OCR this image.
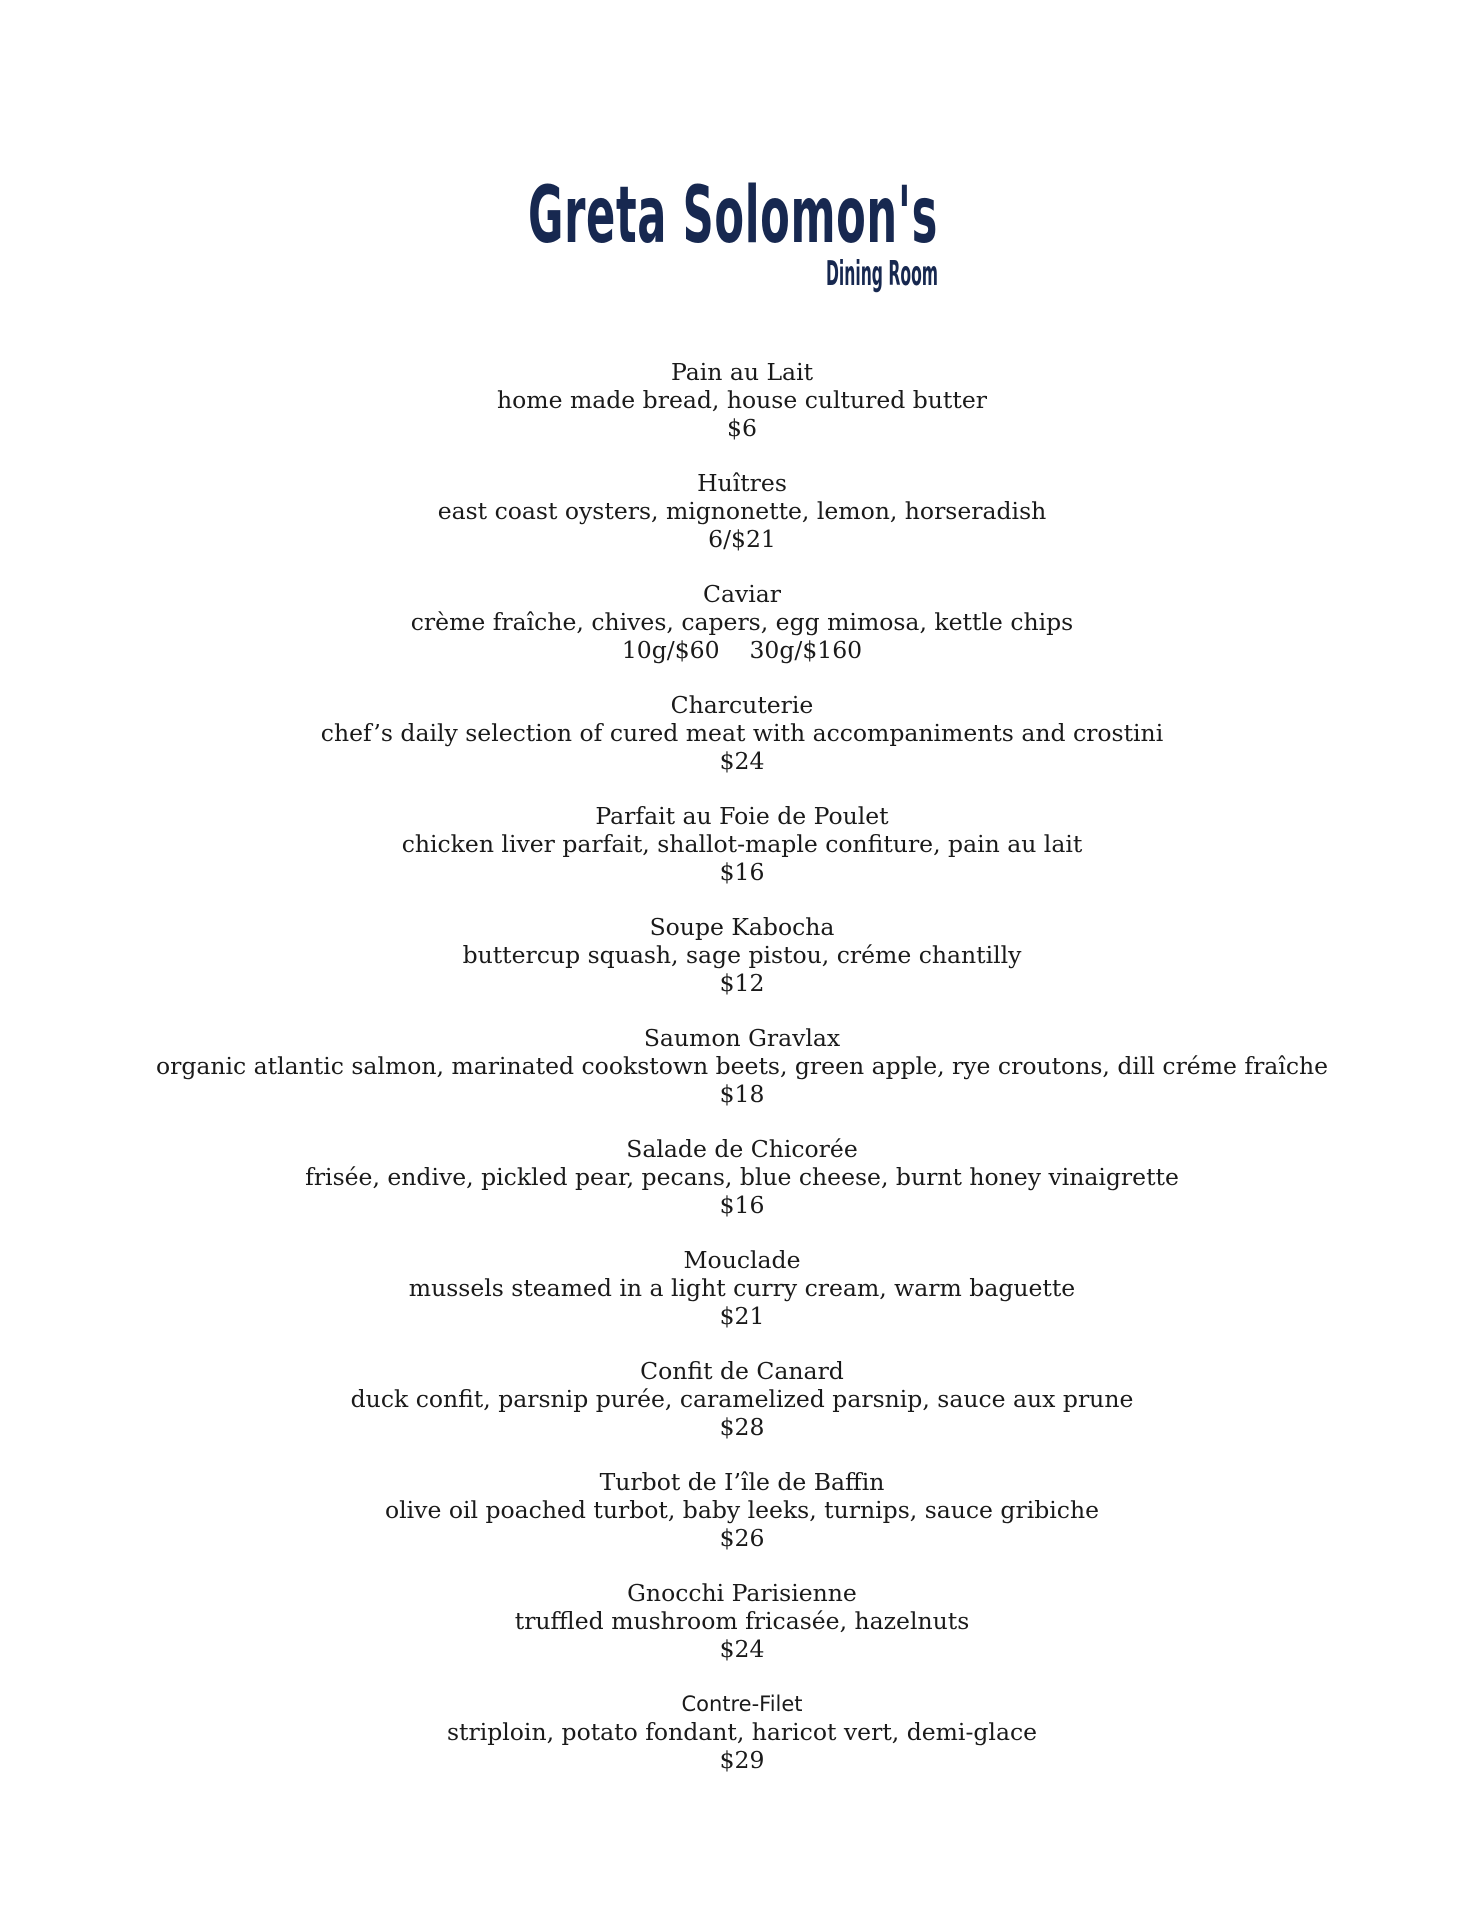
Greta Solomon's
Dining Room
Pain au Lait
home made bread, house cultured butter
$6
Huîtres
east coast oysters, mignonette, lemon, horseradish
6/$21
Caviar
crème fraîche, chives, capers, egg mimosa, kettle chips
10g/$60    30g/$160
Charcuterie
chef’s daily selection of cured meat with accompaniments and crostini
$24
Parfait au Foie de Poulet
chicken liver parfait, shallot-maple confiture, pain au lait
$16
Soupe Kabocha
buttercup squash, sage pistou, créme chantilly
$12
Saumon Gravlax
organic atlantic salmon, marinated cookstown beets, green apple, rye croutons, dill créme fraîche
$18
Salade de Chicorée
frisée, endive, pickled pear, pecans, blue cheese, burnt honey vinaigrette
$16
Mouclade
mussels steamed in a light curry cream, warm baguette
$21
Confit de Canard
duck confit, parsnip purée, caramelized parsnip, sauce aux prune
$28
Turbot de I’île de Baffin
olive oil poached turbot, baby leeks, turnips, sauce gribiche
$26
Gnocchi Parisienne
truffled mushroom fricasée, hazelnuts
$24
Contre-Filet
striploin, potato fondant, haricot vert, demi-glace
$29
